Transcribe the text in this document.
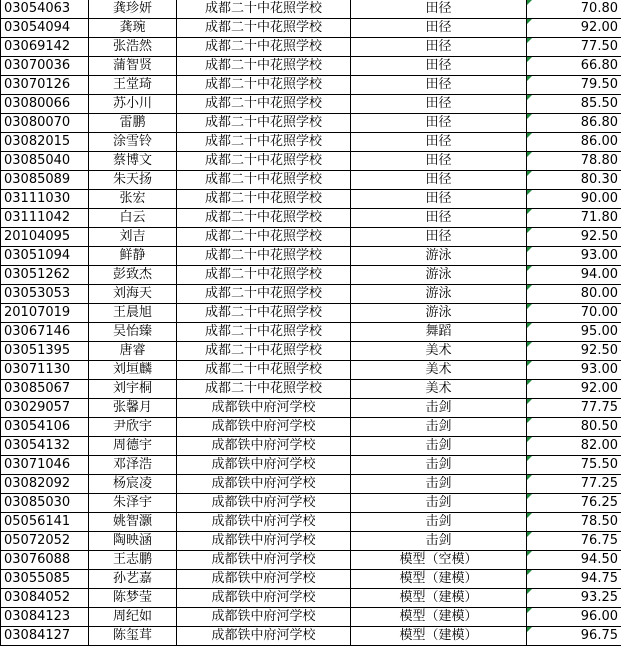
03054063	龚珍妍	成都二十中花照学校	田径	70.80
03054094	龚琬	成都二十中花照学校	田径	92.00
03069142	张浩然	成都二十中花照学校	田径	77.50
03070036	蒲智贤	成都二十中花照学校	田径	66.80
03070126	王堂琦	成都二十中花照学校	田径	79.50
03080066	苏小川	成都二十中花照学校	田径	85.50
03080070	雷鹏	成都二十中花照学校	田径	86.80
03082015	涂雪铃	成都二十中花照学校	田径	86.00
03085040	蔡博文	成都二十中花照学校	田径	78.80
03085089	朱天扬	成都二十中花照学校	田径	80.30
03111030	张宏	成都二十中花照学校	田径	90.00
03111042	白云	成都二十中花照学校	田径	71.80
20104095	刘吉	成都二十中花照学校	田径	92.50
03051094	鲜静	成都二十中花照学校	游泳	93.00
03051262	彭致杰	成都二十中花照学校	游泳	94.00
03053053	刘海天	成都二十中花照学校	游泳	80.00
20107019	王晨旭	成都二十中花照学校	游泳	70.00
03067146	吴怡臻	成都二十中花照学校	舞蹈	95.00
03051395	唐睿	成都二十中花照学校	美术	92.50
03071130	刘垣麟	成都二十中花照学校	美术	93.00
03085067	刘宇桐	成都二十中花照学校	美术	92.00
03029057	张馨月	成都铁中府河学校	击剑	77.75
03054106	尹欣宇	成都铁中府河学校	击剑	80.50
03054132	周德宇	成都铁中府河学校	击剑	82.00
03071046	邓泽浩	成都铁中府河学校	击剑	75.50
03082092	杨宸凌	成都铁中府河学校	击剑	77.25
03085030	朱泽宇	成都铁中府河学校	击剑	76.25
05056141	姚智灏	成都铁中府河学校	击剑	78.50
05072052	陶映涵	成都铁中府河学校	击剑	76.75
03076088	王志鹏	成都铁中府河学校	模型（空模）	94.50
03055085	孙艺嘉	成都铁中府河学校	模型（建模）	94.75
03084052	陈梦莹	成都铁中府河学校	模型（建模）	93.25
03084123	周纪如	成都铁中府河学校	模型（建模）	96.00
03084127	陈玺茸	成都铁中府河学校	模型（建模）	96.75
